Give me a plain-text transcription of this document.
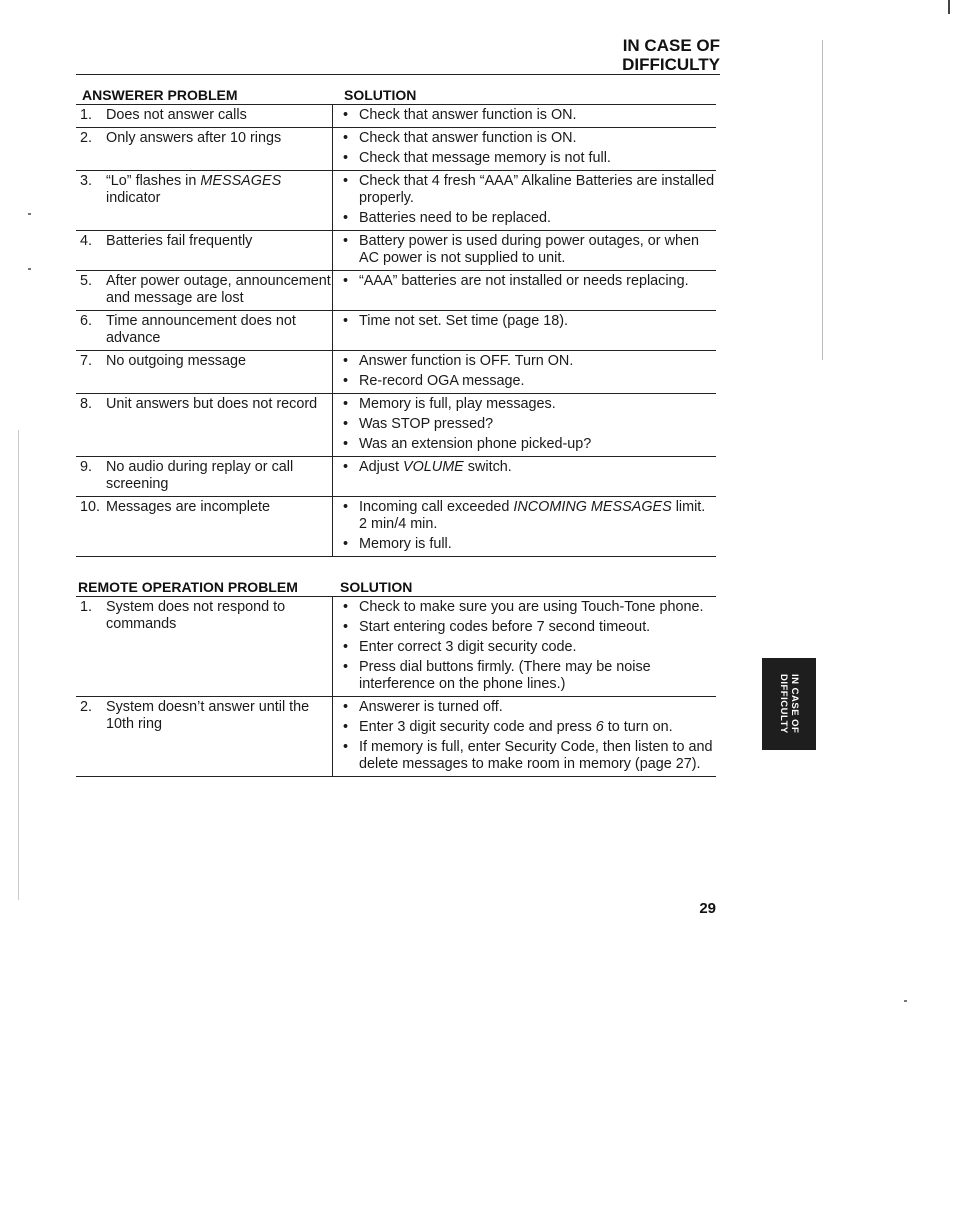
IN CASE OF
DIFFICULTY
ANSWERER PROBLEM	SOLUTION
1. Does not answer calls	• Check that answer function is ON.
2. Only answers after 10 rings	• Check that answer function is ON.
• Check that message memory is not full.
3. “Lo” flashes in MESSAGES indicator
• Check that 4 fresh “AAA” Alkaline Batteries are installed properly.
• Batteries need to be replaced.
4. Batteries fail frequently	• Battery power is used during power outages, or when AC power is not supplied to unit.
5. After power outage, announcement and message are lost
• “AAA” batteries are not installed or needs replacing.
6. Time announcement does not advance
• Time not set. Set time (page 18).
7. No outgoing message	• Answer function is OFF. Turn ON.
• Re-record OGA message.
8. Unit answers but does not record	• Memory is full, play messages.
• Was STOP pressed?
• Was an extension phone picked-up?
9. No audio during replay or call screening
• Adjust VOLUME switch.
10. Messages are incomplete	• Incoming call exceeded INCOMING MESSAGES limit. 2 min/4 min.
• Memory is full.
REMOTE OPERATION PROBLEM	SOLUTION
1. System does not respond to commands
• Check to make sure you are using Touch-Tone phone.
• Start entering codes before 7 second timeout.
• Enter correct 3 digit security code.
• Press dial buttons firmly. (There may be noise interference on the phone lines.)
2. System doesn’t answer until the 10th ring
• Answerer is turned off.
• Enter 3 digit security code and press 6 to turn on.
• If memory is full, enter Security Code, then listen to and delete messages to make room in memory (page 27).
IN CASE OF
DIFFICULTY
29
